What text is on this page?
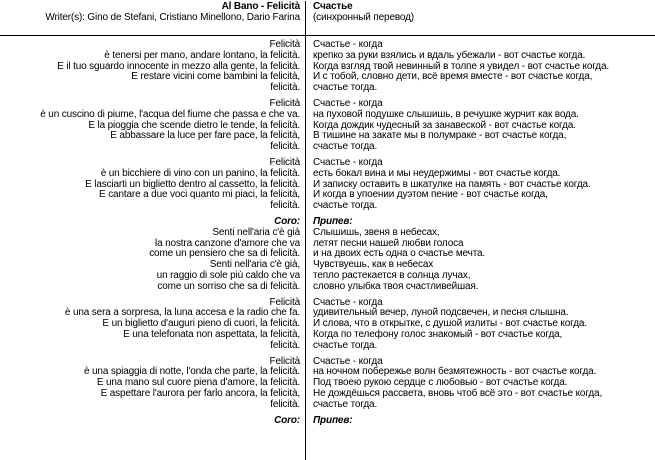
Al Bano - Felicità
Writer(s): Gino de Stefani, Cristiano Minellono, Dario Farina
Счастье
(синхронный перевод)
Felicità
è tenersi per mano, andare lontano, la felicità.
E il tuo sguardo innocente in mezzo alla gente, la felicità.
E restare vicini come bambini la felicità,
felicità.
Счастье - когда
крепко за руки взялись и вдаль убежали - вот счастье когда.
Когда взгляд твой невинный в толпе я увидел - вот счастье когда.
И с тобой, словно дети, всё время вместе - вот счастье когда,
счастье тогда.
Felicità
è un cuscino di piume, l'acqua del fiume che passa e che va.
E la pioggia che scende dietro le tende, la felicità.
E abbassare la luce per fare pace, la felicità,
felicità.
Счастье - когда
на пуховой подушке слышишь, в речушке журчит как вода.
Когда дождик чудесный за занавеской - вот счастье когда.
В тишине на закате мы в полумраке - вот счастье когда,
счастье тогда.
Felicità
è un bicchiere di vino con un panino, la felicità.
E lasciarti un biglietto dentro al cassetto, la felicità.
E cantare a due voci quanto mi piaci, la felicità,
felicità.
Счастье - когда
есть бокал вина и мы неудержимы - вот счастье когда.
И записку оставить в шкатулке на память - вот счастье когда.
И когда в упоении дуэтом пение - вот счастье когда,
счастье тогда.
Coro:
Senti nell'aria c'è già
la nostra canzone d'amore che va
come un pensiero che sa di felicità.
Senti nell'aria c'è già,
un raggio di sole più caldo che va
come un sorriso che sa di felicità.
Припев:
Слышишь, звеня в небесах,
летят песни нашей любви голоса
и на двоих есть одна о счастье мечта.
Чувствуешь, как в небесах
тепло растекается в солнца лучах,
словно улыбка твоя счастливейшая.
Felicità
è una sera a sorpresa, la luna accesa e la radio che fa.
E un biglietto d'auguri pieno di cuori, la felicità.
E una telefonata non aspettata, la felicità,
felicità.
Счастье - когда
удивительный вечер, луной подсвечен, и песня слышна.
И слова, что в открытке, с душой излиты - вот счастье когда.
Когда по телефону голос знакомый - вот счастье когда,
счастье тогда.
Felicità
è una spiaggia di notte, l'onda che parte, la felicità.
E una mano sul cuore piena d'amore, la felicità.
E aspettare l'aurora per farlo ancora, la felicità,
felicità.
Счастье - когда
на ночном побережье волн безмятежность - вот счастье когда.
Под твоею рукою сердце с любовью - вот счастье когда.
Не дождёшься рассвета, вновь чтоб всё это - вот счастье когда,
счастье тогда.
Coro: Припев:
